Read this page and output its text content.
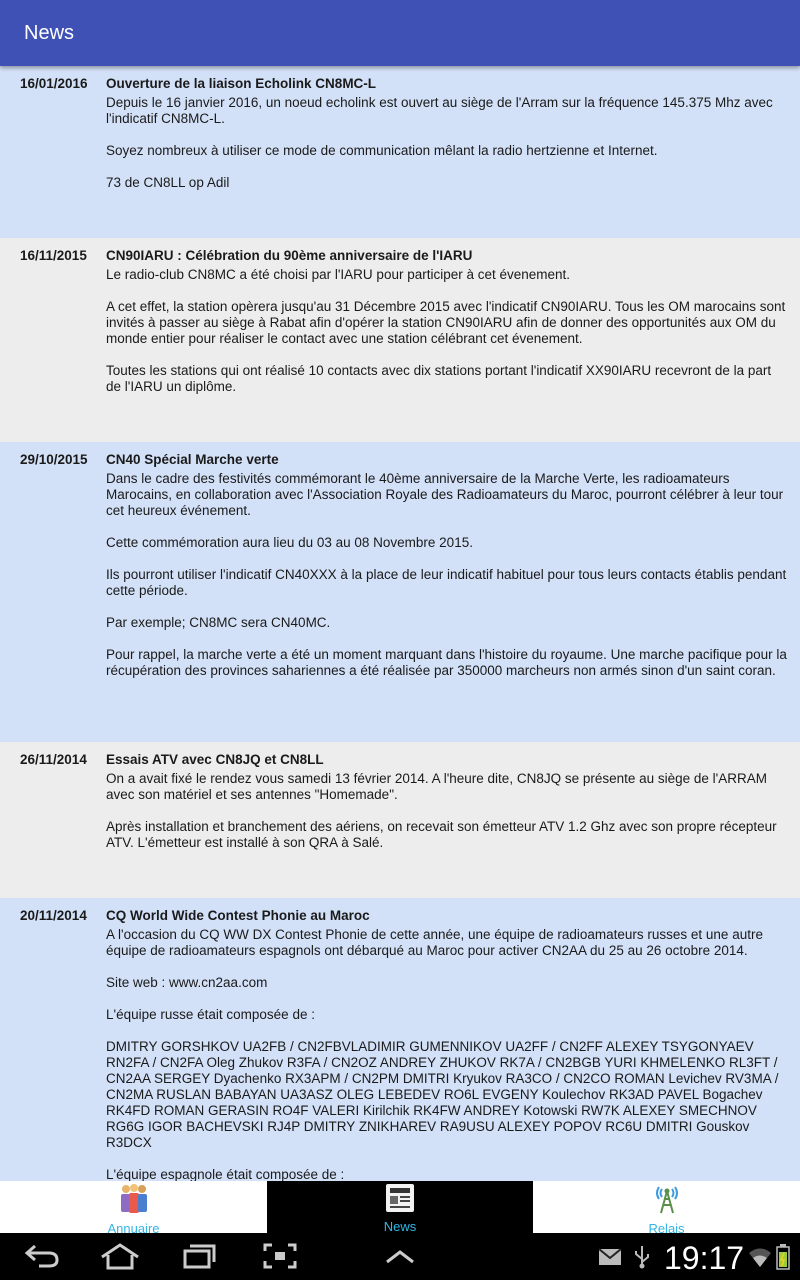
News
16/01/2016	Ouverture de la liaison Echolink CN8MC-L
Depuis le 16 janvier 2016, un noeud echolink est ouvert au siège de l'Arram sur la fréquence 145.375 Mhz avec l'indicatif CN8MC-L.
Soyez nombreux à utiliser ce mode de communication mêlant la radio hertzienne et Internet.
73 de CN8LL op Adil
16/11/2015	CN90IARU : Célébration du 90ème anniversaire de l'IARU
Le radio-club CN8MC a été choisi par l'IARU pour participer à cet évenement.
A cet effet, la station opèrera jusqu'au 31 Décembre 2015 avec l'indicatif CN90IARU. Tous les OM marocains sont invités à passer au siège à Rabat afin d'opérer la station CN90IARU afin de donner des opportunités aux OM du monde entier pour réaliser le contact avec une station célébrant cet évenement.
Toutes les stations qui ont réalisé 10 contacts avec dix stations portant l'indicatif XX90IARU recevront de la part de l'IARU un diplôme.
29/10/2015	CN40 Spécial Marche verte
Dans le cadre des festivités commémorant le 40ème anniversaire de la Marche Verte, les radioamateurs Marocains, en collaboration avec l'Association Royale des Radioamateurs du Maroc, pourront célébrer à leur tour cet heureux événement.
Cette commémoration aura lieu du 03 au 08 Novembre 2015.
Ils pourront utiliser l'indicatif CN40XXX à la place de leur indicatif habituel pour tous leurs contacts établis pendant cette période.
Par exemple; CN8MC sera CN40MC.
Pour rappel, la marche verte a été un moment marquant dans l'histoire du royaume. Une marche pacifique pour la récupération des provinces sahariennes a été réalisée par 350000 marcheurs non armés sinon d'un saint coran.
26/11/2014	Essais ATV avec CN8JQ et CN8LL
On a avait fixé le rendez vous samedi 13 février 2014. A l'heure dite, CN8JQ se présente au siège de l'ARRAM avec son matériel et ses antennes "Homemade".
Après installation et branchement des aériens, on recevait son émetteur ATV 1.2 Ghz avec son propre récepteur ATV. L'émetteur est installé à son QRA à Salé.
20/11/2014	CQ World Wide Contest Phonie au Maroc
A l'occasion du CQ WW DX Contest Phonie de cette année, une équipe de radioamateurs russes et une autre équipe de radioamateurs espagnols ont débarqué au Maroc pour activer CN2AA du 25 au 26 octobre 2014.
Site web : www.cn2aa.com
L'équipe russe était composée de :
DMITRY GORSHKOV UA2FB / CN2FBVLADIMIR GUMENNIKOV UA2FF / CN2FF ALEXEY TSYGONYAEV RN2FA / CN2FA Oleg Zhukov R3FA / CN2OZ ANDREY ZHUKOV RK7A / CN2BGB YURI KHMELENKO RL3FT / CN2AA SERGEY Dyachenko RX3APM / CN2PM DMITRI Kryukov RA3CO / CN2CO ROMAN Levichev RV3MA / CN2MA RUSLAN BABAYAN UA3ASZ OLEG LEBEDEV RO6L EVGENY Koulechov RK3AD PAVEL Bogachev RK4FD ROMAN GERASIN RO4F VALERI Kirilchik RK4FW ANDREY Kotowski RW7K ALEXEY SMECHNOV RG6G IGOR BACHEVSKI RJ4P DMITRY ZNIKHAREV RA9USU ALEXEY POPOV RC6U DMITRI Gouskov R3DCX
L'équipe espagnole était composée de :
Annuaire	News	Relais
19:17
